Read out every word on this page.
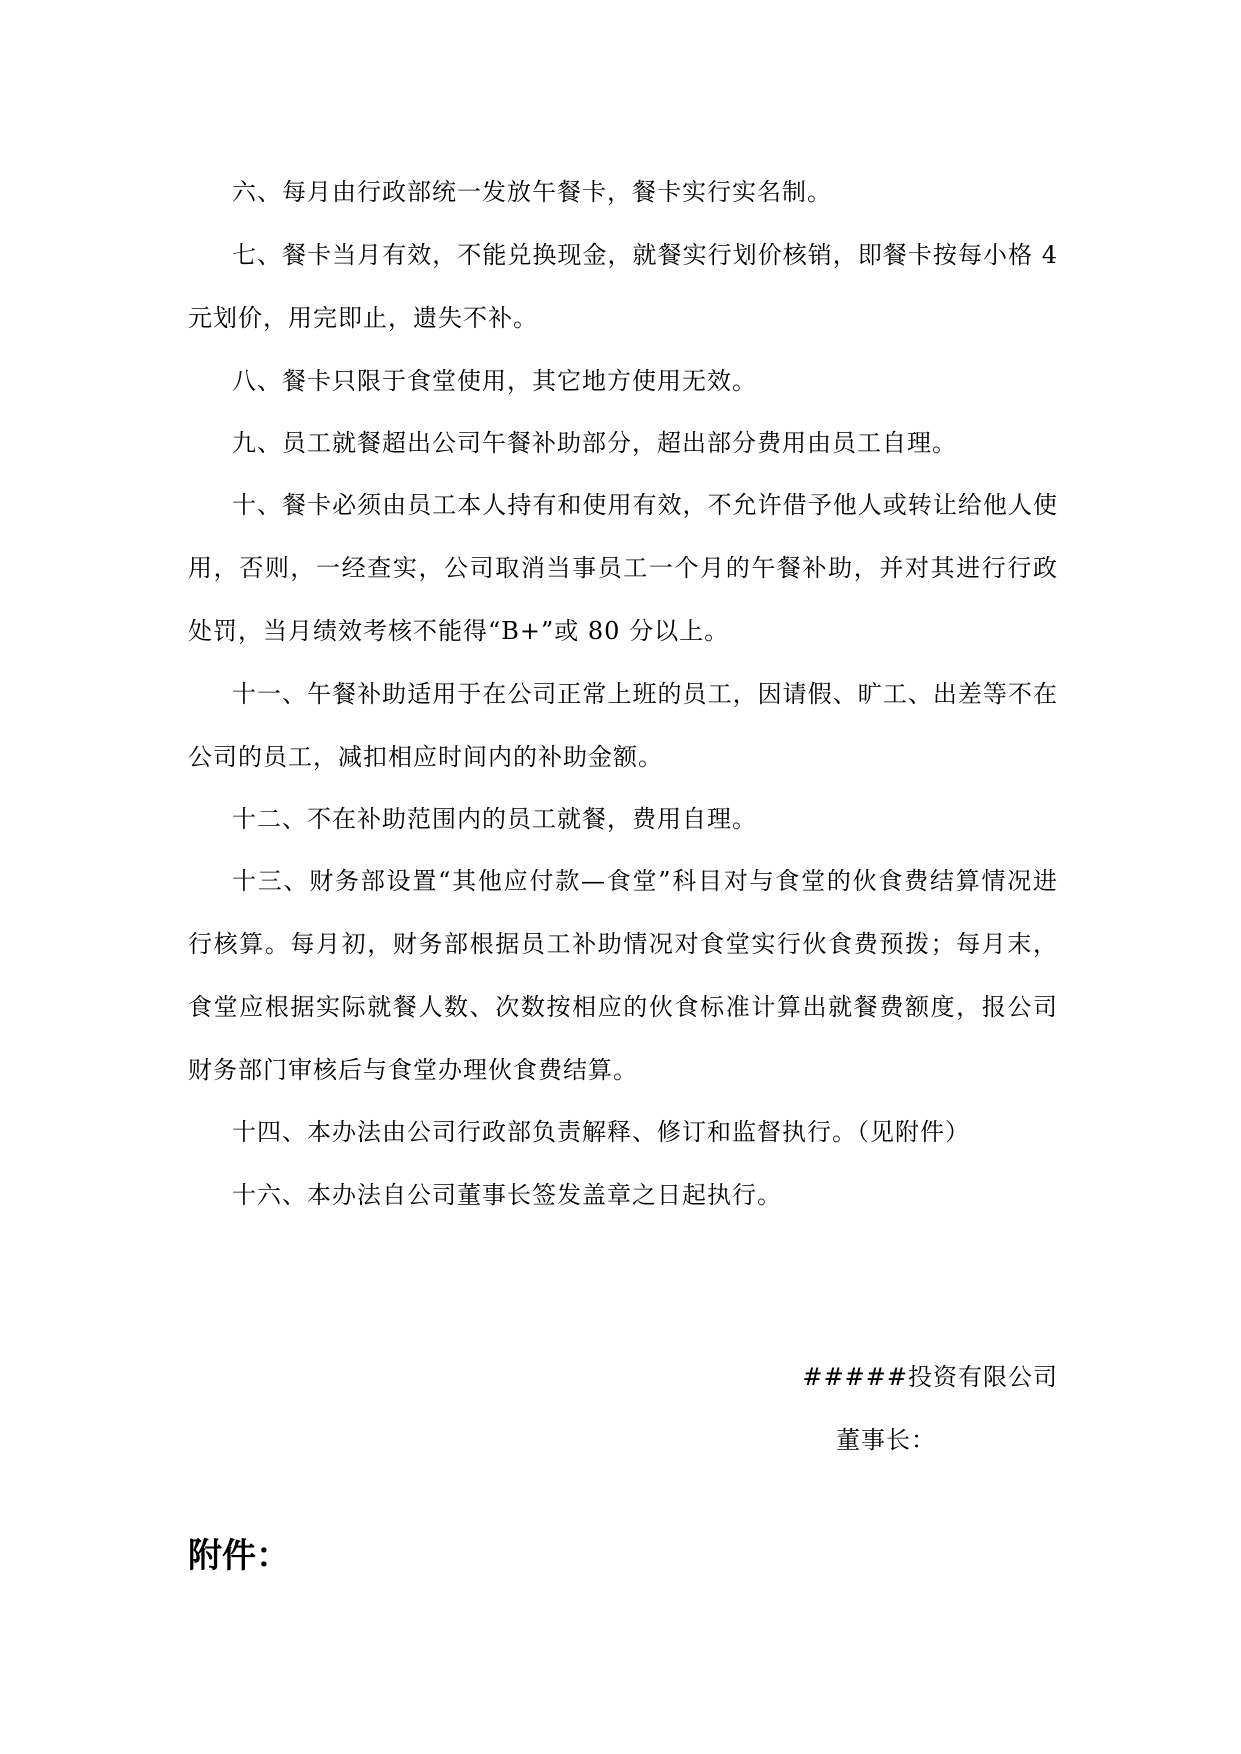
六、每月由行政部统一发放午餐卡，餐卡实行实名制。

七、餐卡当月有效，不能兑换现金，就餐实行划价核销，即餐卡按每小格 4 元划价，用完即止，遗失不补。

八、餐卡只限于食堂使用，其它地方使用无效。

九、员工就餐超出公司午餐补助部分，超出部分费用由员工自理。

十、餐卡必须由员工本人持有和使用有效，不允许借予他人或转让给他人使用，否则，一经查实，公司取消当事员工一个月的午餐补助，并对其进行行政处罚，当月绩效考核不能得“B+”或 80 分以上。

十一、午餐补助适用于在公司正常上班的员工，因请假、旷工、出差等不在公司的员工，减扣相应时间内的补助金额。

十二、不在补助范围内的员工就餐，费用自理。

十三、财务部设置“其他应付款—食堂”科目对与食堂的伙食费结算情况进行核算。每月初，财务部根据员工补助情况对食堂实行伙食费预拨；每月末，食堂应根据实际就餐人数、次数按相应的伙食标准计算出就餐费额度，报公司财务部门审核后与食堂办理伙食费结算。

十四、本办法由公司行政部负责解释、修订和监督执行。（见附件）

十六、本办法自公司董事长签发盖章之日起执行。

#####投资有限公司

董事长：

附件：
